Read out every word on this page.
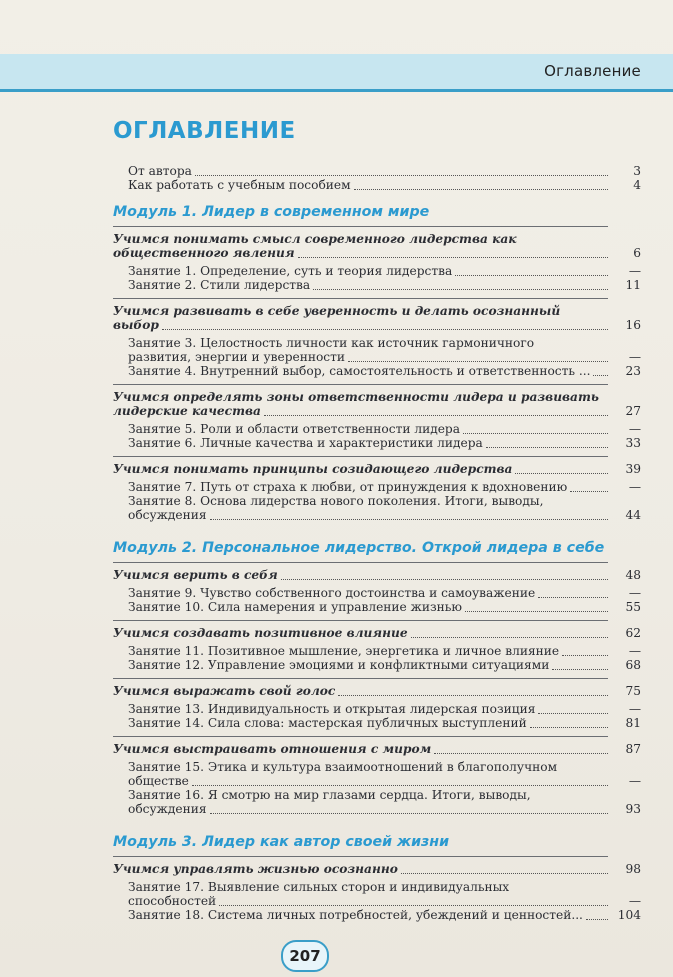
Оглавление
ОГЛАВЛЕНИЕ
От автора	3
Как работать с учебным пособием	4
Модуль 1. Лидер в современном мире
Учимся понимать смысл современного лидерства как
общественного явления	6
Занятие 1. Определение, суть и теория лидерства	—
Занятие 2. Стили лидерства	11
Учимся развивать в себе уверенность и делать осознанный
выбор	16
Занятие 3. Целостность личности как источник гармоничного
развития, энергии и уверенности	—
Занятие 4. Внутренний выбор, самостоятельность и ответственность ...	23
Учимся определять зоны ответственности лидера и развивать
лидерские качества	27
Занятие 5. Роли и области ответственности лидера	—
Занятие 6. Личные качества и характеристики лидера	33
Учимся понимать принципы созидающего лидерства	39
Занятие 7. Путь от страха к любви, от принуждения к вдохновению	—
Занятие 8. Основа лидерства нового поколения. Итоги, выводы,
обсуждения	44
Модуль 2. Персональное лидерство. Открой лидера в себе
Учимся верить в себя	48
Занятие 9. Чувство собственного достоинства и самоуважение	—
Занятие 10. Сила намерения и управление жизнью	55
Учимся создавать позитивное влияние	62
Занятие 11. Позитивное мышление, энергетика и личное влияние	—
Занятие 12. Управление эмоциями и конфликтными ситуациями	68
Учимся выражать свой голос	75
Занятие 13. Индивидуальность и открытая лидерская позиция	—
Занятие 14. Сила слова: мастерская публичных выступлений	81
Учимся выстраивать отношения с миром	87
Занятие 15. Этика и культура взаимоотношений в благополучном
обществе	—
Занятие 16. Я смотрю на мир глазами сердца. Итоги, выводы,
обсуждения	93
Модуль 3. Лидер как автор своей жизни
Учимся управлять жизнью осознанно	98
Занятие 17. Выявление сильных сторон и индивидуальных
способностей	—
Занятие 18. Система личных потребностей, убеждений и ценностей...	104
207
